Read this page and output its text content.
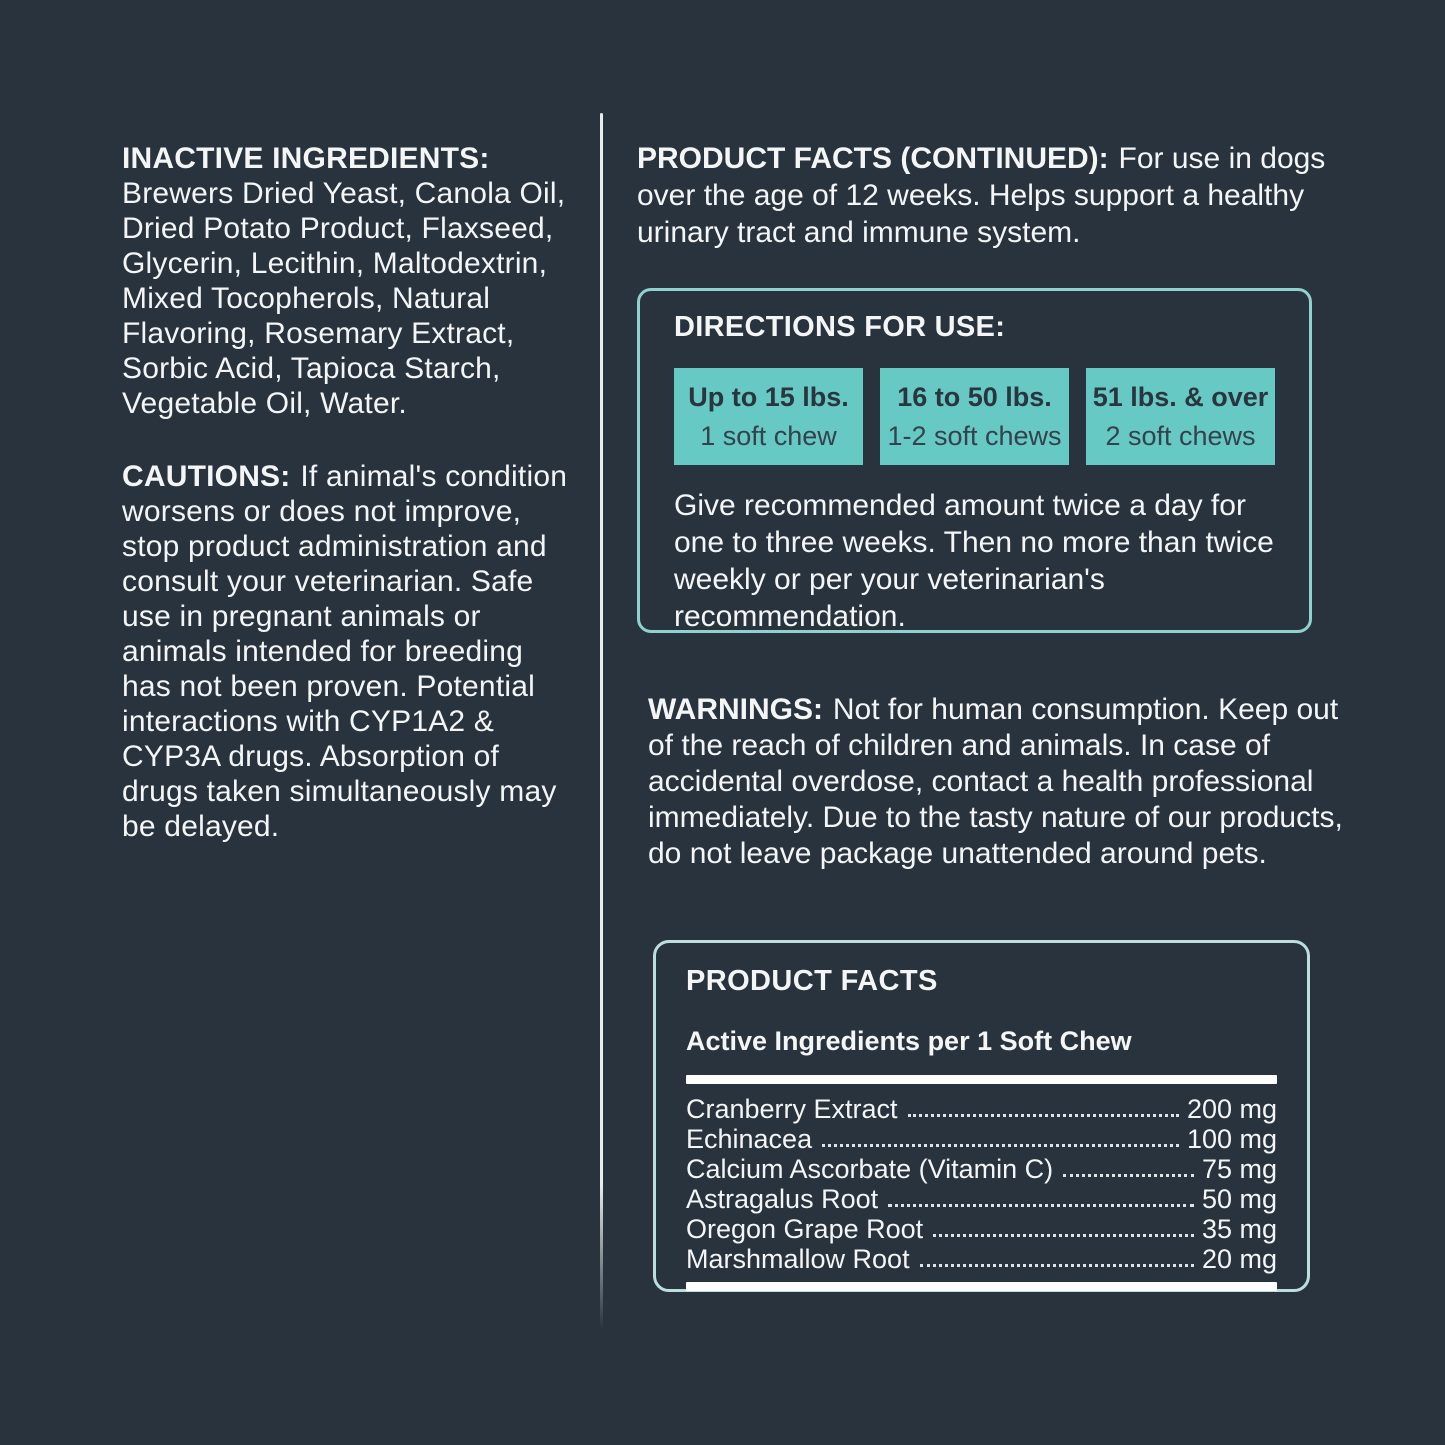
INACTIVE INGREDIENTS:
Brewers Dried Yeast, Canola Oil, Dried Potato Product, Flaxseed, Glycerin, Lecithin, Maltodextrin, Mixed Tocopherols, Natural Flavoring, Rosemary Extract, Sorbic Acid, Tapioca Starch, Vegetable Oil, Water.

CAUTIONS: If animal's condition worsens or does not improve, stop product administration and consult your veterinarian. Safe use in pregnant animals or animals intended for breeding has not been proven. Potential interactions with CYP1A2 & CYP3A drugs. Absorption of drugs taken simultaneously may be delayed.

PRODUCT FACTS (CONTINUED): For use in dogs over the age of 12 weeks. Helps support a healthy urinary tract and immune system.

DIRECTIONS FOR USE:

Up to 15 lbs.
1 soft chew
16 to 50 lbs.
1-2 soft chews
51 lbs. & over
2 soft chews

Give recommended amount twice a day for one to three weeks. Then no more than twice weekly or per your veterinarian's recommendation.

WARNINGS: Not for human consumption. Keep out of the reach of children and animals. In case of accidental overdose, contact a health professional immediately. Due to the tasty nature of our products, do not leave package unattended around pets.

PRODUCT FACTS

Active Ingredients per 1 Soft Chew

Cranberry Extract	200 mg
Echinacea	100 mg
Calcium Ascorbate (Vitamin C)	75 mg
Astragalus Root	50 mg
Oregon Grape Root	35 mg
Marshmallow Root	20 mg
